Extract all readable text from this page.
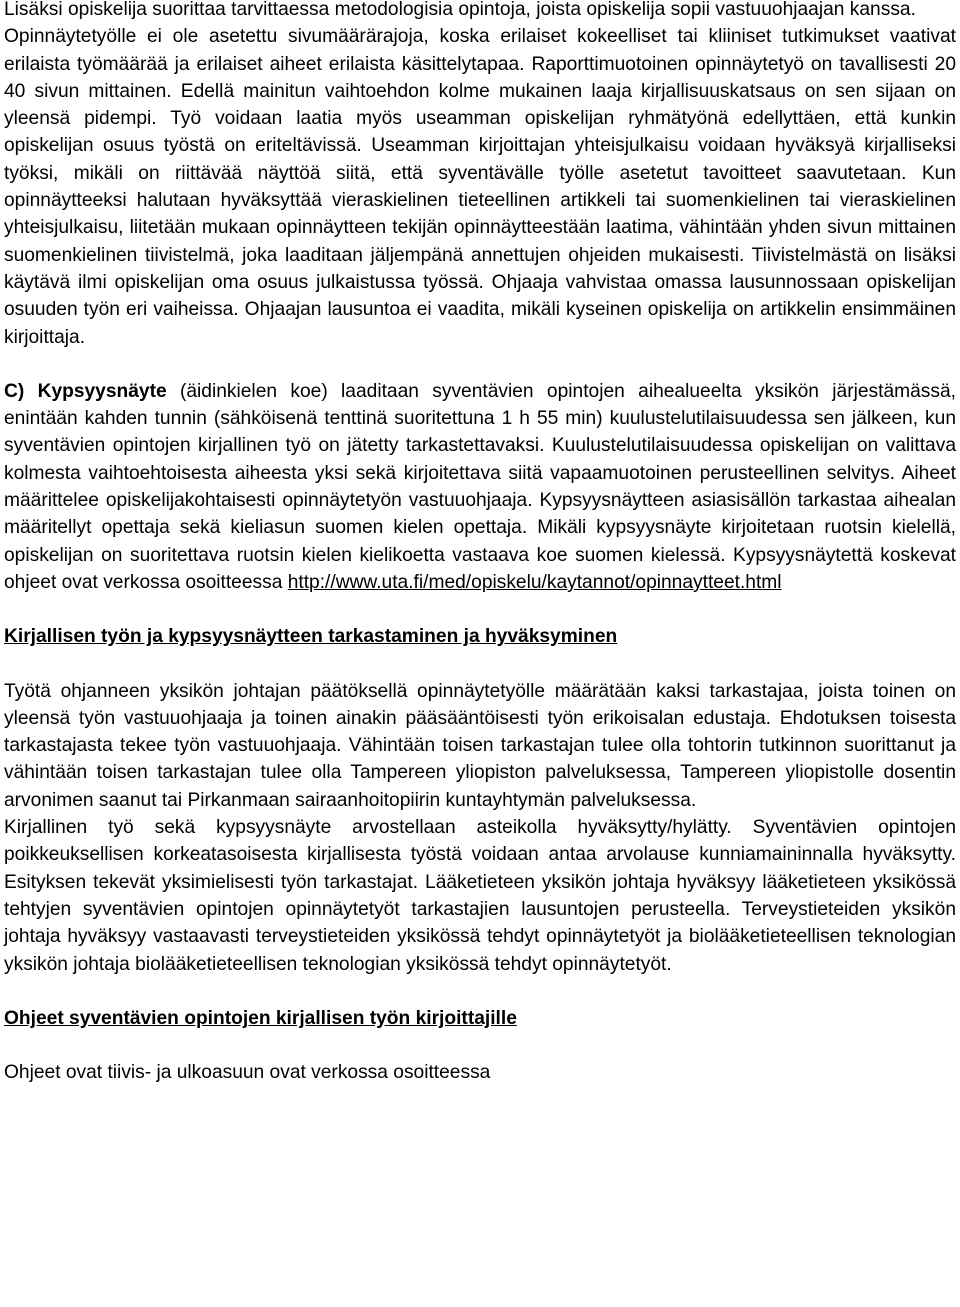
Lisäksi opiskelija suorittaa tarvittaessa metodologisia opintoja, joista opiskelija sopii vastuuohjaajan kanssa.

Opinnäytetyölle ei ole asetettu sivumäärärajoja, koska erilaiset kokeelliset tai kliiniset tutkimukset vaativat erilaista työmäärää ja erilaiset aiheet erilaista käsittelytapaa. Raporttimuotoinen opinnäytetyö on tavallisesti 20 40 sivun mittainen. Edellä mainitun vaihtoehdon kolme mukainen laaja kirjallisuuskatsaus on sen sijaan on yleensä pidempi. Työ voidaan laatia myös useamman opiskelijan ryhmätyönä edellyttäen, että kunkin opiskelijan osuus työstä on eriteltävissä. Useamman kirjoittajan yhteisjulkaisu voidaan hyväksyä kirjalliseksi työksi, mikäli on riittävää näyttöä siitä, että syventävälle työlle asetetut tavoitteet saavutetaan. Kun opinnäytteeksi halutaan hyväksyttää vieraskielinen tieteellinen artikkeli tai suomenkielinen tai vieraskielinen yhteisjulkaisu, liitetään mukaan opinnäytteen tekijän opinnäytteestään laatima, vähintään yhden sivun mittainen suomenkielinen tiivistelmä, joka laaditaan jäljempänä annettujen ohjeiden mukaisesti. Tiivistelmästä on lisäksi käytävä ilmi opiskelijan oma osuus julkaistussa työssä. Ohjaaja vahvistaa omassa lausunnossaan opiskelijan osuuden työn eri vaiheissa. Ohjaajan lausuntoa ei vaadita, mikäli kyseinen opiskelija on artikkelin ensimmäinen kirjoittaja.

C) Kypsyysnäyte (äidinkielen koe) laaditaan syventävien opintojen aihealueelta yksikön järjestämässä, enintään kahden tunnin (sähköisenä tenttinä suoritettuna 1 h 55 min) kuulustelutilaisuudessa sen jälkeen, kun syventävien opintojen kirjallinen työ on jätetty tarkastettavaksi. Kuulustelutilaisuudessa opiskelijan on valittava kolmesta vaihtoehtoisesta aiheesta yksi sekä kirjoitettava siitä vapaamuotoinen perusteellinen selvitys. Aiheet määrittelee opiskelijakohtaisesti opinnäytetyön vastuuohjaaja. Kypsyysnäytteen asiasisällön tarkastaa aihealan määritellyt opettaja sekä kieliasun suomen kielen opettaja. Mikäli kypsyysnäyte kirjoitetaan ruotsin kielellä, opiskelijan on suoritettava ruotsin kielen kielikoetta vastaava koe suomen kielessä. Kypsyysnäytettä koskevat ohjeet ovat verkossa osoitteessa http://www.uta.fi/med/opiskelu/kaytannot/opinnaytteet.html

Kirjallisen työn ja kypsyysnäytteen tarkastaminen ja hyväksyminen

Työtä ohjanneen yksikön johtajan päätöksellä opinnäytetyölle määrätään kaksi tarkastajaa, joista toinen on yleensä työn vastuuohjaaja ja toinen ainakin pääsääntöisesti työn erikoisalan edustaja. Ehdotuksen toisesta tarkastajasta tekee työn vastuuohjaaja. Vähintään toisen tarkastajan tulee olla tohtorin tutkinnon suorittanut ja vähintään toisen tarkastajan tulee olla Tampereen yliopiston palveluksessa, Tampereen yliopistolle dosentin arvonimen saanut tai Pirkanmaan sairaanhoitopiirin kuntayhtymän palveluksessa.

Kirjallinen työ sekä kypsyysnäyte arvostellaan asteikolla hyväksytty/hylätty. Syventävien opintojen poikkeuksellisen korkeatasoisesta kirjallisesta työstä voidaan antaa arvolause kunniamaininnalla hyväksytty. Esityksen tekevät yksimielisesti työn tarkastajat. Lääketieteen yksikön johtaja hyväksyy lääketieteen yksikössä tehtyjen syventävien opintojen opinnäytetyöt tarkastajien lausuntojen perusteella. Terveystieteiden yksikön johtaja hyväksyy vastaavasti terveystieteiden yksikössä tehdyt opinnäytetyöt ja biolääketieteellisen teknologian yksikön johtaja biolääketieteellisen teknologian yksikössä tehdyt opinnäytetyöt.

Ohjeet syventävien opintojen kirjallisen työn kirjoittajille

Ohjeet ovat tiivis- ja ulkoasuun ovat verkossa osoitteessa
